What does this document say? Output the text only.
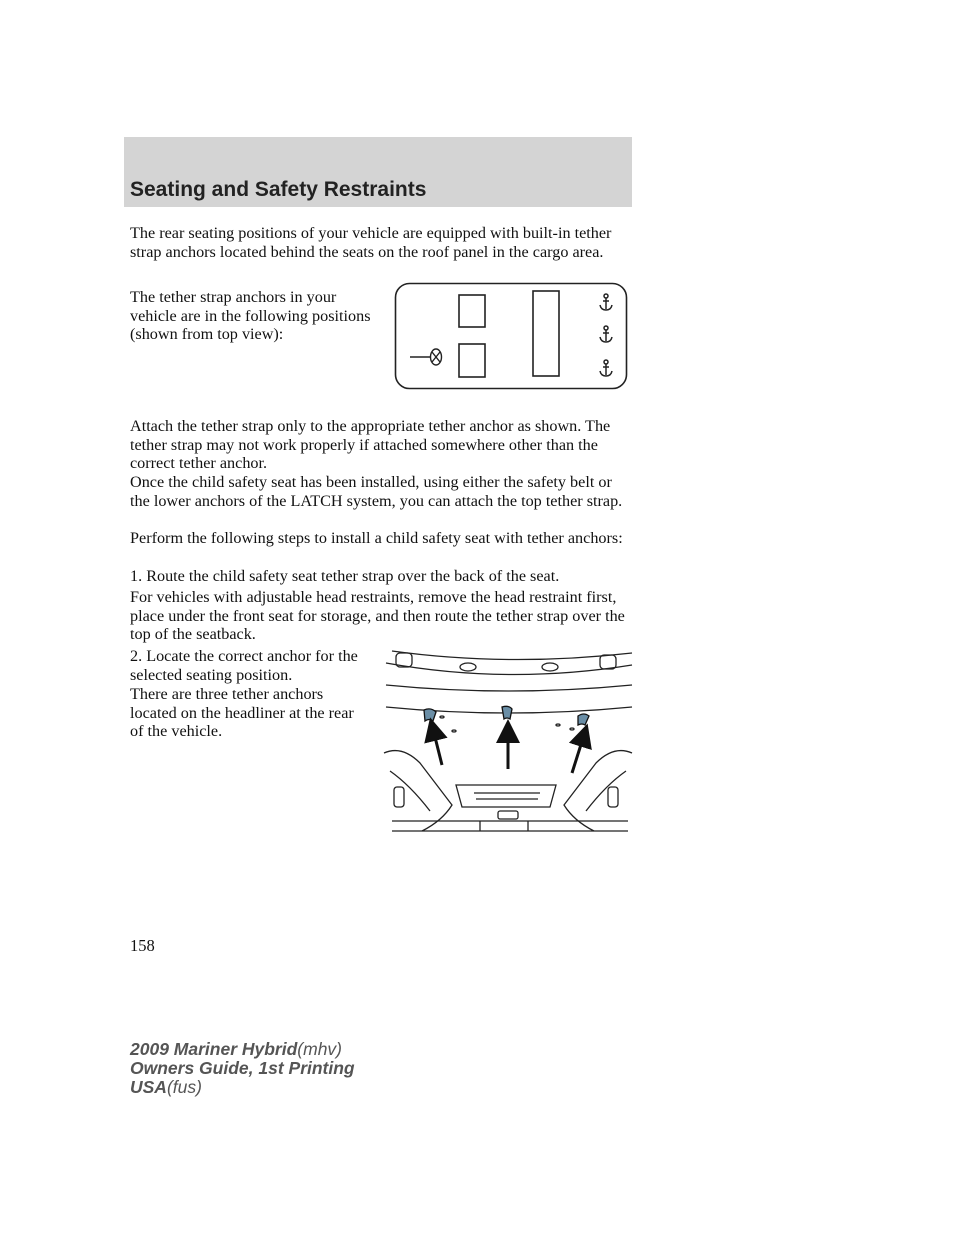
Seating and Safety Restraints

The rear seating positions of your vehicle are equipped with built-in tether strap anchors located behind the seats on the roof panel in the cargo area.

The tether strap anchors in your vehicle are in the following positions (shown from top view):

Attach the tether strap only to the appropriate tether anchor as shown. The tether strap may not work properly if attached somewhere other than the correct tether anchor.

Once the child safety seat has been installed, using either the safety belt or the lower anchors of the LATCH system, you can attach the top tether strap.

Perform the following steps to install a child safety seat with tether anchors:

1. Route the child safety seat tether strap over the back of the seat.

For vehicles with adjustable head restraints, remove the head restraint first, place under the front seat for storage, and then route the tether strap over the top of the seatback.

2. Locate the correct anchor for the selected seating position.

There are three tether anchors located on the headliner at the rear of the vehicle.

158
2009 Mariner Hybrid(mhv)
Owners Guide, 1st Printing
USA(fus)
